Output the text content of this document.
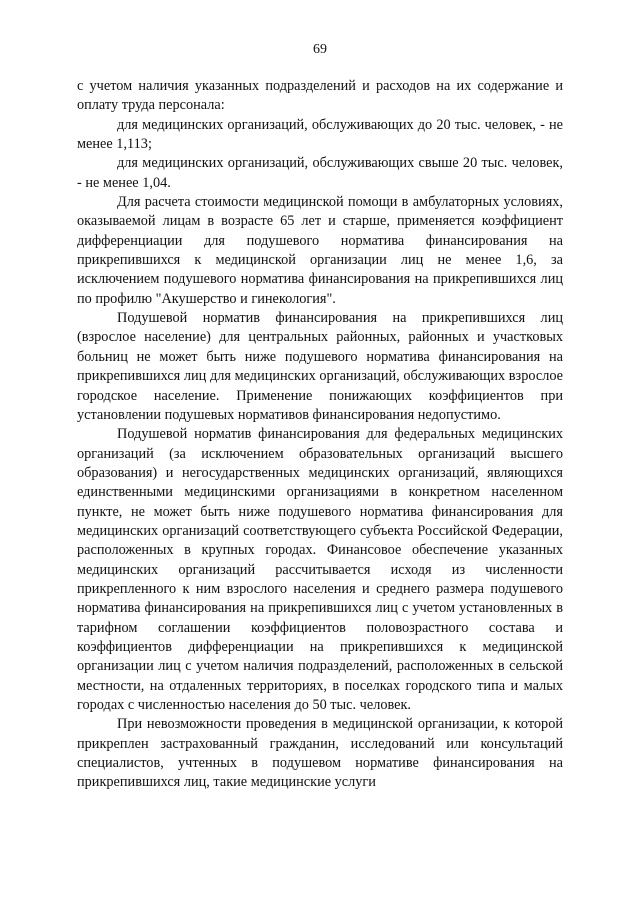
69

с учетом наличия указанных подразделений и расходов на их содержание и оплату труда персонала:

для медицинских организаций, обслуживающих до 20 тыс. человек, - не менее 1,113;

для медицинских организаций, обслуживающих свыше 20 тыс. человек, - не менее 1,04.

Для расчета стоимости медицинской помощи в амбулаторных условиях, оказываемой лицам в возрасте 65 лет и старше, применяется коэффициент дифференциации для подушевого норматива финансирования на прикрепившихся к медицинской организации лиц не менее 1,6, за исключением подушевого норматива финансирования на прикрепившихся лиц по профилю "Акушерство и гинекология".

Подушевой норматив финансирования на прикрепившихся лиц (взрослое население) для центральных районных, районных и участковых больниц не может быть ниже подушевого норматива финансирования на прикрепившихся лиц для медицинских организаций, обслуживающих взрослое городское население. Применение понижающих коэффициентов при установлении подушевых нормативов финансирования недопустимо.

Подушевой норматив финансирования для федеральных медицинских организаций (за исключением образовательных организаций высшего образования) и негосударственных медицинских организаций, являющихся единственными медицинскими организациями в конкретном населенном пункте, не может быть ниже подушевого норматива финансирования для медицинских организаций соответствующего субъекта Российской Федерации, расположенных в крупных городах. Финансовое обеспечение указанных медицинских организаций рассчитывается исходя из численности прикрепленного к ним взрослого населения и среднего размера подушевого норматива финансирования на прикрепившихся лиц с учетом установленных в тарифном соглашении коэффициентов половозрастного состава и коэффициентов дифференциации на прикрепившихся к медицинской организации лиц с учетом наличия подразделений, расположенных в сельской местности, на отдаленных территориях, в поселках городского типа и малых городах с численностью населения до 50 тыс. человек.

При невозможности проведения в медицинской организации, к которой прикреплен застрахованный гражданин, исследований или консультаций специалистов, учтенных в подушевом нормативе финансирования на прикрепившихся лиц, такие медицинские услуги
